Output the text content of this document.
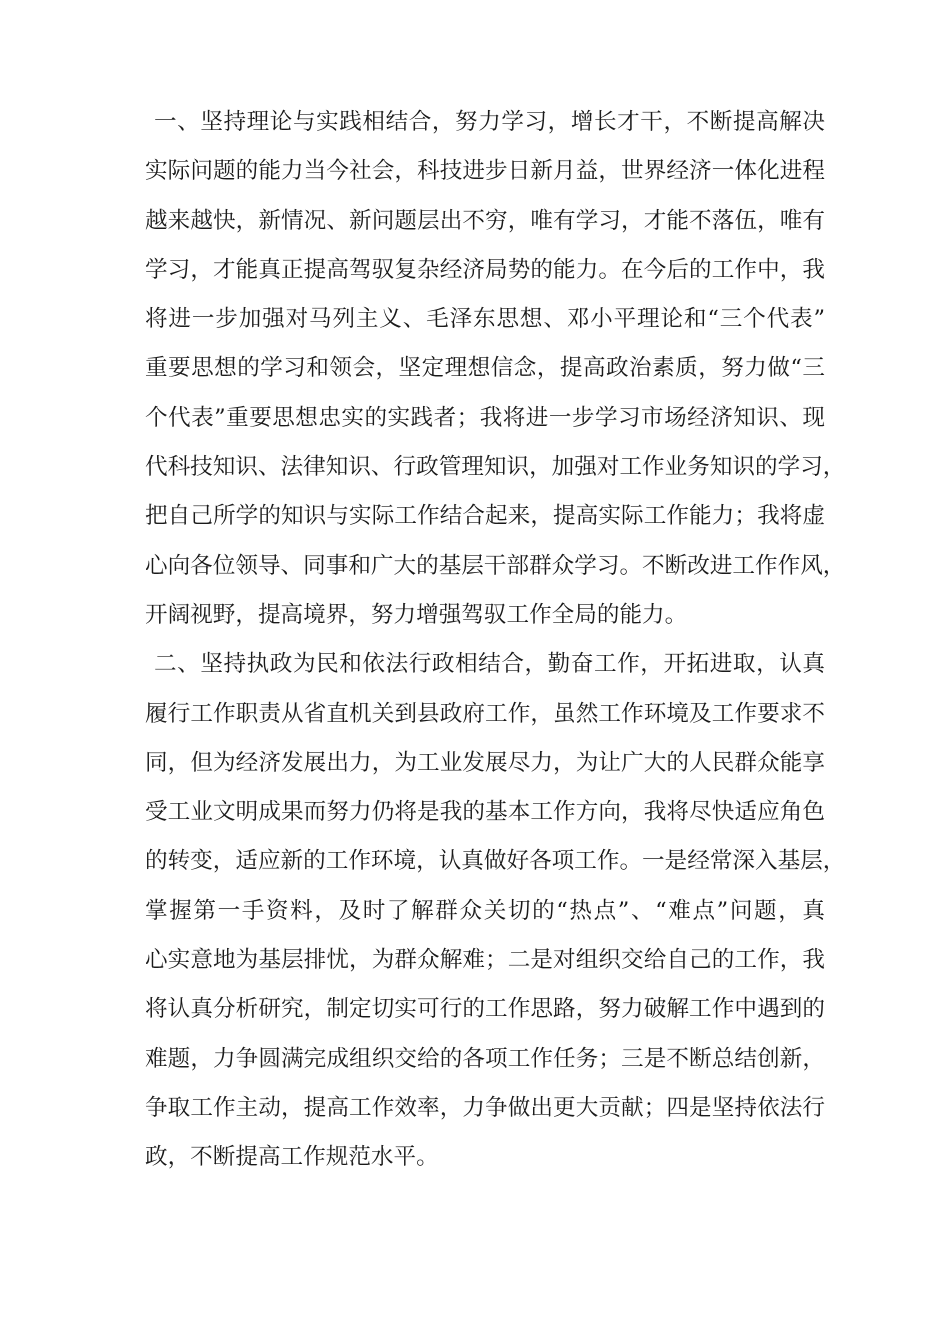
一、坚持理论与实践相结合，努力学习，增长才干，不断提高解决
实际问题的能力当今社会，科技进步日新月益，世界经济一体化进程
越来越快，新情况、新问题层出不穷，唯有学习，才能不落伍，唯有
学习，才能真正提高驾驭复杂经济局势的能力。在今后的工作中，我
将进一步加强对马列主义、毛泽东思想、邓小平理论和“三个代表”
重要思想的学习和领会，坚定理想信念，提高政治素质，努力做“三
个代表”重要思想忠实的实践者；我将进一步学习市场经济知识、现
代科技知识、法律知识、行政管理知识，加强对工作业务知识的学习，
把自己所学的知识与实际工作结合起来，提高实际工作能力；我将虚
心向各位领导、同事和广大的基层干部群众学习。不断改进工作作风，
开阔视野，提高境界，努力增强驾驭工作全局的能力。
二、坚持执政为民和依法行政相结合，勤奋工作，开拓进取，认真
履行工作职责从省直机关到县政府工作，虽然工作环境及工作要求不
同，但为经济发展出力，为工业发展尽力，为让广大的人民群众能享
受工业文明成果而努力仍将是我的基本工作方向，我将尽快适应角色
的转变，适应新的工作环境，认真做好各项工作。一是经常深入基层，
掌握第一手资料，及时了解群众关切的“热点”、“难点”问题，真
心实意地为基层排忧，为群众解难；二是对组织交给自己的工作，我
将认真分析研究，制定切实可行的工作思路，努力破解工作中遇到的
难题，力争圆满完成组织交给的各项工作任务；三是不断总结创新，
争取工作主动，提高工作效率，力争做出更大贡献；四是坚持依法行
政，不断提高工作规范水平。
